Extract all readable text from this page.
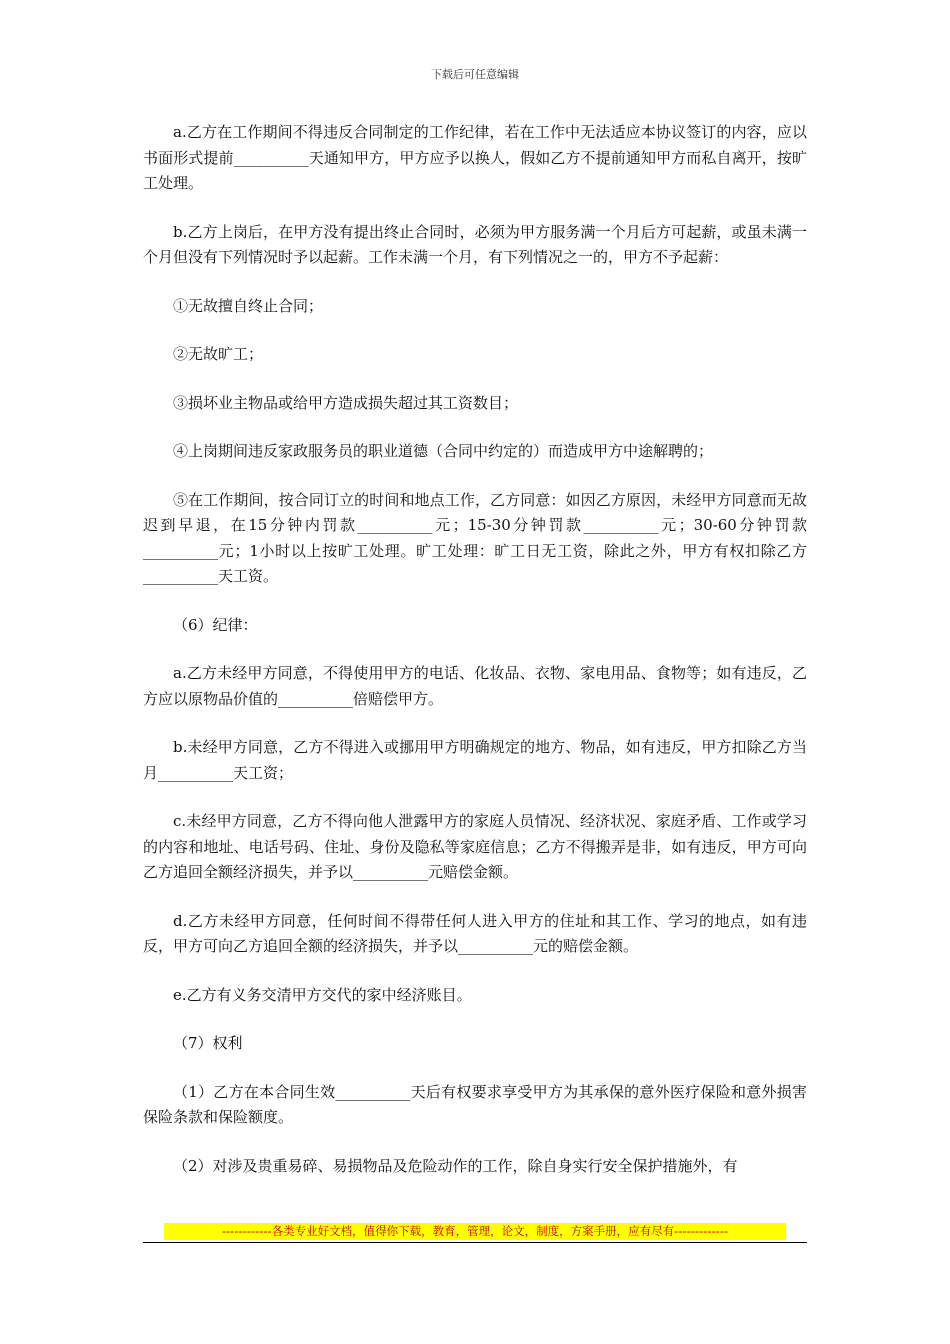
下载后可任意编辑

a.乙方在工作期间不得违反合同制定的工作纪律，若在工作中无法适应本协议签订的内容，应以书面形式提前__________天通知甲方，甲方应予以换人，假如乙方不提前通知甲方而私自离开，按旷工处理。

b.乙方上岗后，在甲方没有提出终止合同时，必须为甲方服务满一个月后方可起薪，或虽未满一个月但没有下列情况时予以起薪。工作未满一个月，有下列情况之一的，甲方不予起薪：

①无故擅自终止合同；

②无故旷工；

③损坏业主物品或给甲方造成损失超过其工资数目；

④上岗期间违反家政服务员的职业道德（合同中约定的）而造成甲方中途解聘的；

⑤在工作期间，按合同订立的时间和地点工作，乙方同意：如因乙方原因，未经甲方同意而无故迟到早退，在15分钟内罚款__________元；15-30分钟罚款__________元；30-60分钟罚款__________元；1小时以上按旷工处理。旷工处理：旷工日无工资，除此之外，甲方有权扣除乙方__________天工资。

（6）纪律：

a.乙方未经甲方同意，不得使用甲方的电话、化妆品、衣物、家电用品、食物等；如有违反，乙方应以原物品价值的__________倍赔偿甲方。

b.未经甲方同意，乙方不得进入或挪用甲方明确规定的地方、物品，如有违反，甲方扣除乙方当月__________天工资；

c.未经甲方同意，乙方不得向他人泄露甲方的家庭人员情况、经济状况、家庭矛盾、工作或学习的内容和地址、电话号码、住址、身份及隐私等家庭信息；乙方不得搬弄是非，如有违反，甲方可向乙方追回全额经济损失，并予以__________元赔偿金额。

d.乙方未经甲方同意，任何时间不得带任何人进入甲方的住址和其工作、学习的地点，如有违反，甲方可向乙方追回全额的经济损失，并予以__________元的赔偿金额。

e.乙方有义务交清甲方交代的家中经济账目。

（7）权利

（1）乙方在本合同生效__________天后有权要求享受甲方为其承保的意外医疗保险和意外损害保险条款和保险额度。

（2）对涉及贵重易碎、易损物品及危险动作的工作，除自身实行安全保护措施外，有

------------各类专业好文档，值得你下载，教育，管理，论文，制度，方案手册，应有尽有-------------
